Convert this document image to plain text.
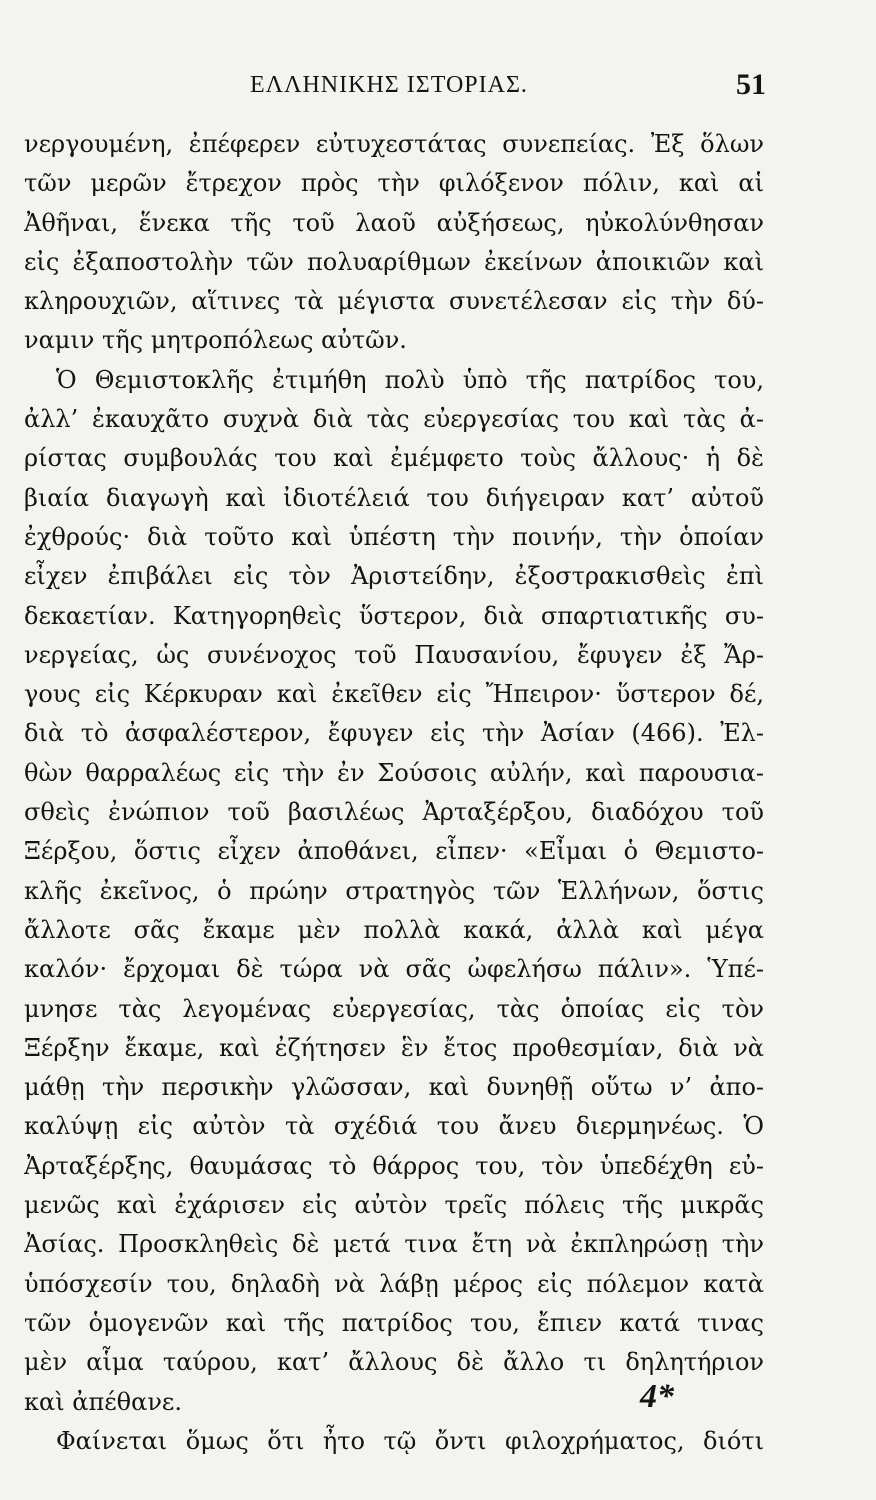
ΕΛΛΗΝΙΚΗΣ ΙΣΤΟΡΙΑΣ.	51
νεργουμένη, ἐπέφερεν εὐτυχεστάτας συνεπείας. Ἐξ ὅλων
τῶν μερῶν ἔτρεχον πρὸς τὴν φιλόξενον πόλιν, καὶ αἱ
Ἀθῆναι, ἕνεκα τῆς τοῦ λαοῦ αὐξήσεως, ηὐκολύνθησαν
εἰς ἐξαποστολὴν τῶν πολυαρίθμων ἐκείνων ἀποικιῶν καὶ
κληρουχιῶν, αἵτινες τὰ μέγιστα συνετέλεσαν εἰς τὴν δύ-
ναμιν τῆς μητροπόλεως αὐτῶν.
Ὁ Θεμιστοκλῆς ἐτιμήθη πολὺ ὑπὸ τῆς πατρίδος του,
ἀλλ’ ἐκαυχᾶτο συχνὰ διὰ τὰς εὐεργεσίας του καὶ τὰς ἀ-
ρίστας συμβουλάς του καὶ ἐμέμφετο τοὺς ἄλλους· ἡ δὲ
βιαία διαγωγὴ καὶ ἰδιοτέλειά του διήγειραν κατ’ αὐτοῦ
ἐχθρούς· διὰ τοῦτο καὶ ὑπέστη τὴν ποινήν, τὴν ὁποίαν
εἶχεν ἐπιβάλει εἰς τὸν Ἀριστείδην, ἐξοστρακισθεὶς ἐπὶ
δεκαετίαν. Κατηγορηθεὶς ὕστερον, διὰ σπαρτιατικῆς συ-
νεργείας, ὡς συνένοχος τοῦ Παυσανίου, ἔφυγεν ἐξ Ἄρ-
γους εἰς Κέρκυραν καὶ ἐκεῖθεν εἰς Ἤπειρον· ὕστερον δέ,
διὰ τὸ ἀσφαλέστερον, ἔφυγεν εἰς τὴν Ἀσίαν (466). Ἐλ-
θὼν θαρραλέως εἰς τὴν ἐν Σούσοις αὐλήν, καὶ παρουσια-
σθεὶς ἐνώπιον τοῦ βασιλέως Ἀρταξέρξου, διαδόχου τοῦ
Ξέρξου, ὅστις εἶχεν ἀποθάνει, εἶπεν· «Εἶμαι ὁ Θεμιστο-
κλῆς ἐκεῖνος, ὁ πρώην στρατηγὸς τῶν Ἑλλήνων, ὅστις
ἄλλοτε σᾶς ἔκαμε μὲν πολλὰ κακά, ἀλλὰ καὶ μέγα
καλόν· ἔρχομαι δὲ τώρα νὰ σᾶς ὠφελήσω πάλιν». Ὑπέ-
μνησε τὰς λεγομένας εὐεργεσίας, τὰς ὁποίας εἰς τὸν
Ξέρξην ἔκαμε, καὶ ἐζήτησεν ἓν ἔτος προθεσμίαν, διὰ νὰ
μάθῃ τὴν περσικὴν γλῶσσαν, καὶ δυνηθῇ οὕτω ν’ ἀπο-
καλύψῃ εἰς αὐτὸν τὰ σχέδιά του ἄνευ διερμηνέως. Ὁ
Ἀρταξέρξης, θαυμάσας τὸ θάρρος του, τὸν ὑπεδέχθη εὐ-
μενῶς καὶ ἐχάρισεν εἰς αὐτὸν τρεῖς πόλεις τῆς μικρᾶς
Ἀσίας. Προσκληθεὶς δὲ μετά τινα ἔτη νὰ ἐκπληρώσῃ τὴν
ὑπόσχεσίν του, δηλαδὴ νὰ λάβῃ μέρος εἰς πόλεμον κατὰ
τῶν ὁμογενῶν καὶ τῆς πατρίδος του, ἔπιεν κατά τινας
μὲν αἷμα ταύρου, κατ’ ἄλλους δὲ ἄλλο τι δηλητήριον
καὶ ἀπέθανε.
Φαίνεται ὅμως ὅτι ἦτο τῷ ὄντι φιλοχρήματος, διότι
4*
